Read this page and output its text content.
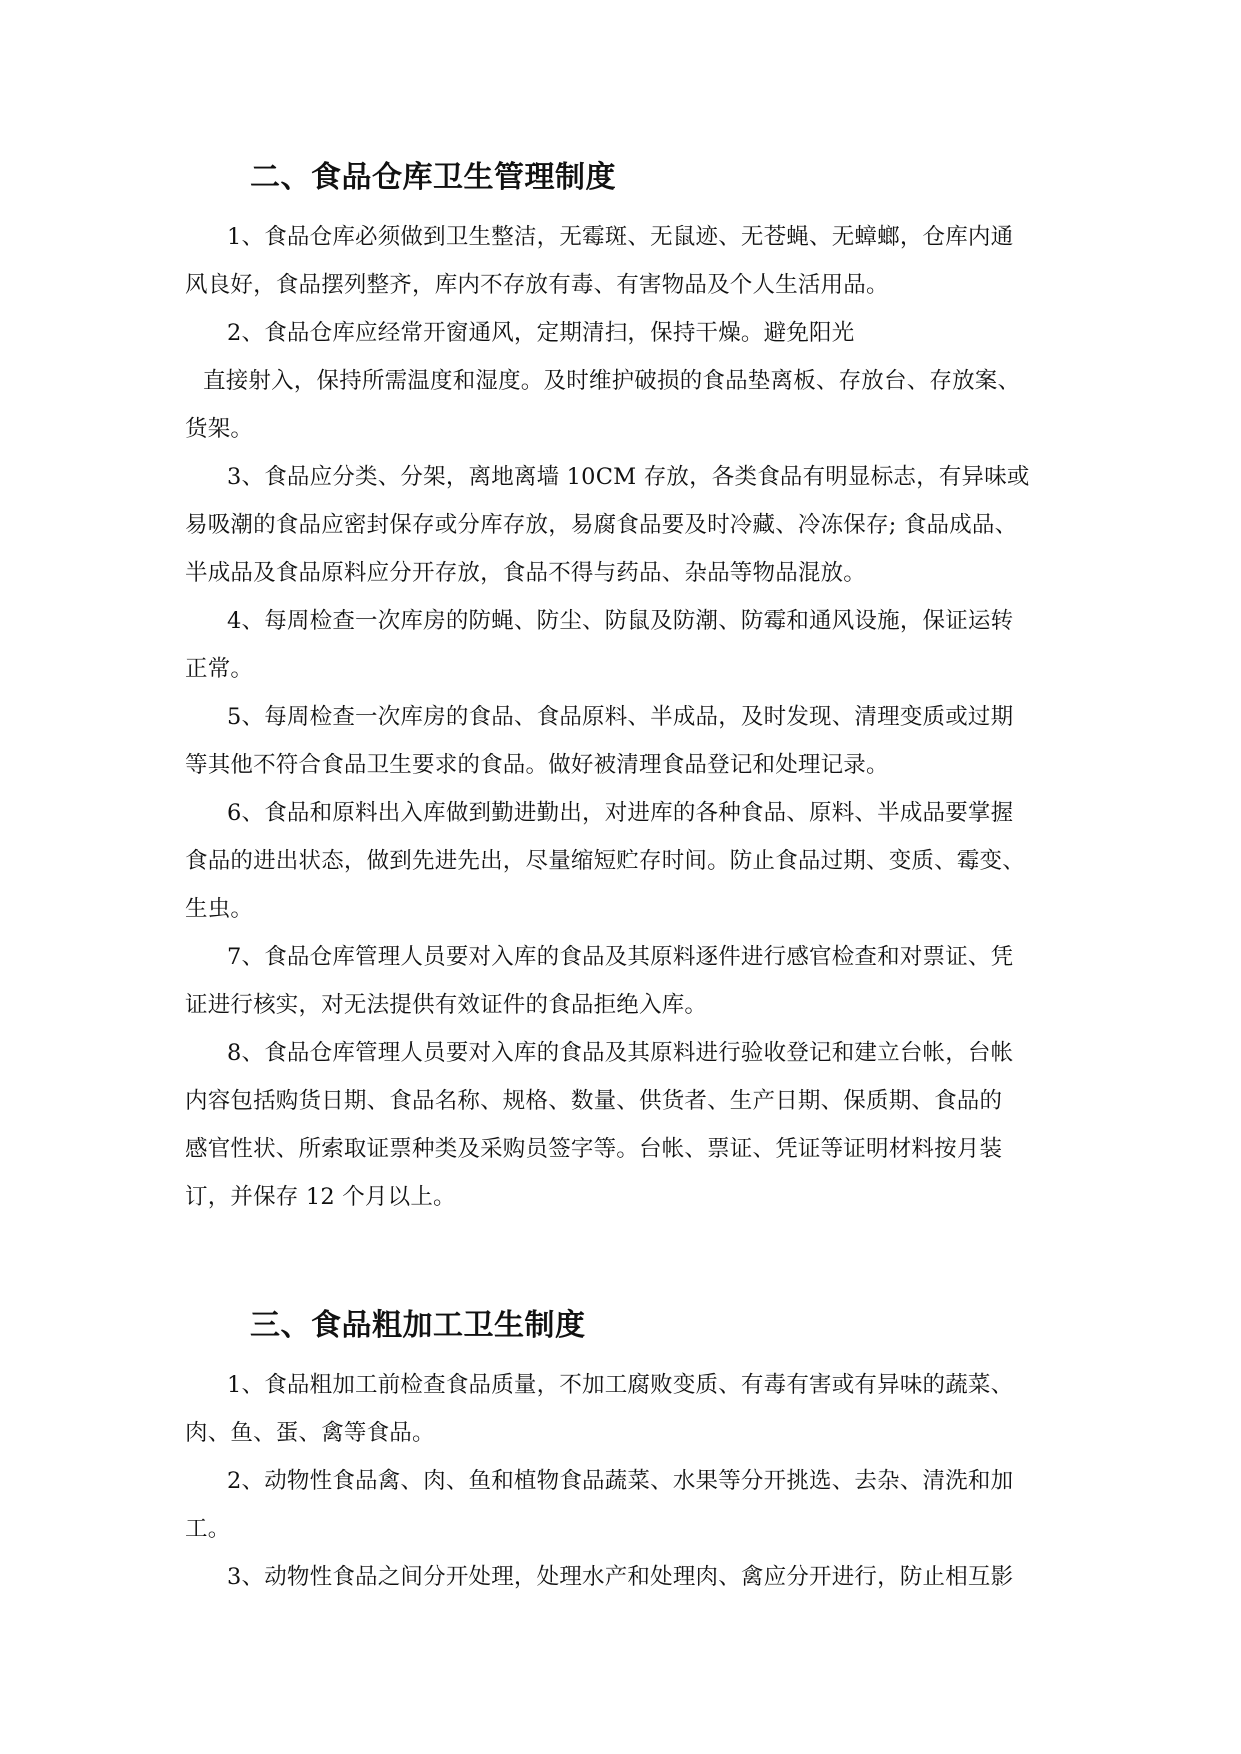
二、食品仓库卫生管理制度
1、食品仓库必须做到卫生整洁，无霉斑、无鼠迹、无苍蝇、无蟑螂，仓库内通
风良好，食品摆列整齐，库内不存放有毒、有害物品及个人生活用品。
2、食品仓库应经常开窗通风，定期清扫，保持干燥。避免阳光
直接射入，保持所需温度和湿度。及时维护破损的食品垫离板、存放台、存放案、
货架。
3、食品应分类、分架，离地离墙 10CM 存放，各类食品有明显标志，有异味或
易吸潮的食品应密封保存或分库存放，易腐食品要及时冷藏、冷冻保存; 食品成品、
半成品及食品原料应分开存放，食品不得与药品、杂品等物品混放。
4、每周检查一次库房的防蝇、防尘、防鼠及防潮、防霉和通风设施，保证运转
正常。
5、每周检查一次库房的食品、食品原料、半成品，及时发现、清理变质或过期
等其他不符合食品卫生要求的食品。做好被清理食品登记和处理记录。
6、食品和原料出入库做到勤进勤出，对进库的各种食品、原料、半成品要掌握
食品的进出状态，做到先进先出，尽量缩短贮存时间。防止食品过期、变质、霉变、
生虫。
7、食品仓库管理人员要对入库的食品及其原料逐件进行感官检查和对票证、凭
证进行核实，对无法提供有效证件的食品拒绝入库。
8、食品仓库管理人员要对入库的食品及其原料进行验收登记和建立台帐，台帐
内容包括购货日期、食品名称、规格、数量、供货者、生产日期、保质期、食品的
感官性状、所索取证票种类及采购员签字等。台帐、票证、凭证等证明材料按月装
订，并保存 12 个月以上。
三、食品粗加工卫生制度
1、食品粗加工前检查食品质量，不加工腐败变质、有毒有害或有异味的蔬菜、
肉、鱼、蛋、禽等食品。
2、动物性食品禽、肉、鱼和植物食品蔬菜、水果等分开挑选、去杂、清洗和加
工。
3、动物性食品之间分开处理，处理水产和处理肉、禽应分开进行，防止相互影
